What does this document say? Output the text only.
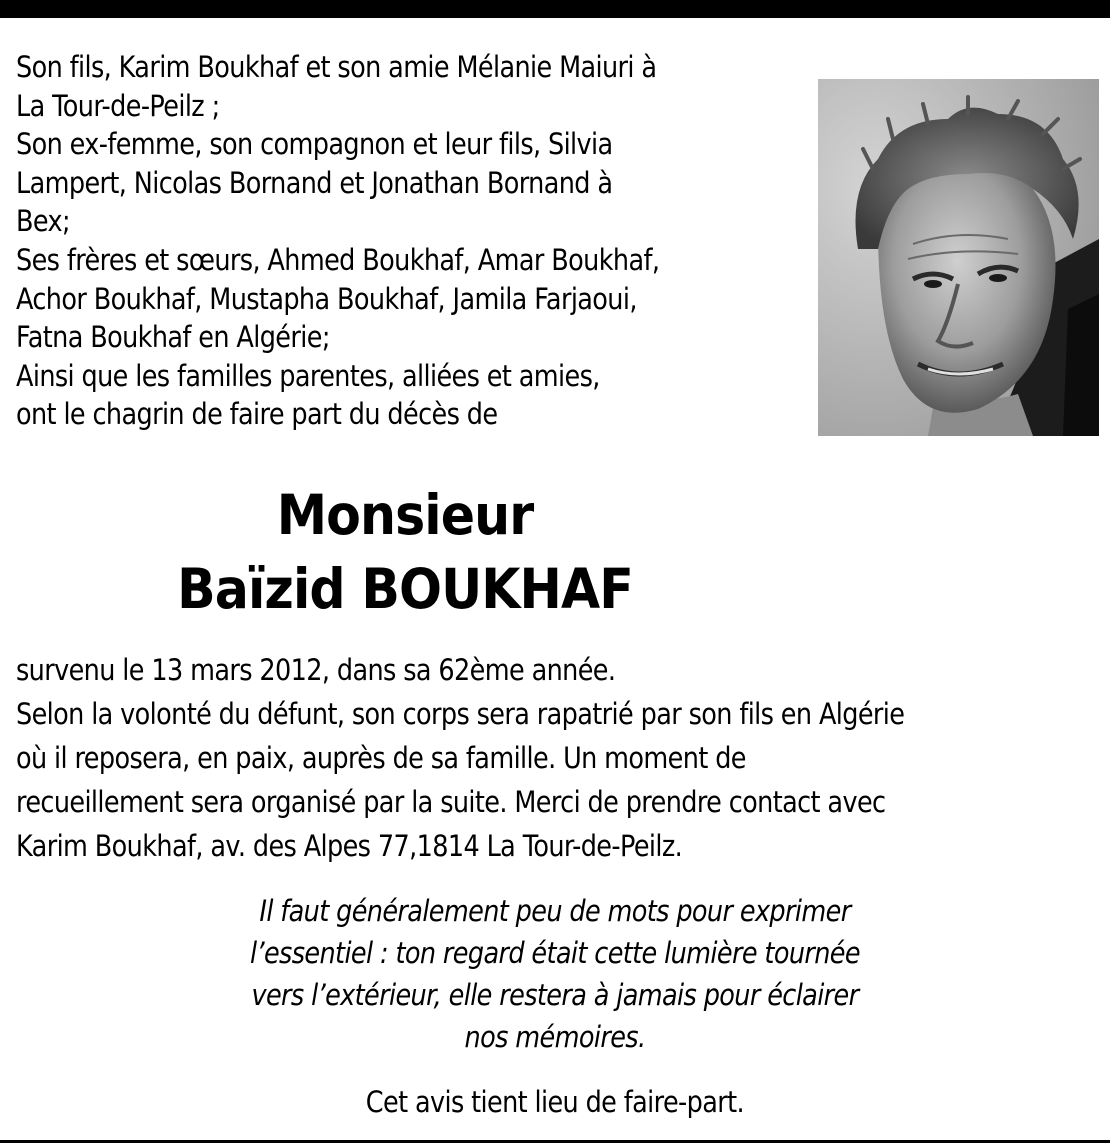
Son fils, Karim Boukhaf et son amie Mélanie Maiuri à
La Tour-de-Peilz ;
Son ex-femme, son compagnon et leur fils, Silvia
Lampert, Nicolas Bornand et Jonathan Bornand à
Bex;
Ses frères et sœurs, Ahmed Boukhaf, Amar Boukhaf,
Achor Boukhaf, Mustapha Boukhaf, Jamila Farjaoui,
Fatna Boukhaf en Algérie;
Ainsi que les familles parentes, alliées et amies,
ont le chagrin de faire part du décès de
Monsieur
Baïzid BOUKHAF
survenu le 13 mars 2012, dans sa 62ème année.
Selon la volonté du défunt, son corps sera rapatrié par son fils en Algérie
où il reposera, en paix, auprès de sa famille. Un moment de
recueillement sera organisé par la suite. Merci de prendre contact avec
Karim Boukhaf, av. des Alpes 77,1814 La Tour-de-Peilz.
Il faut généralement peu de mots pour exprimer
l’essentiel : ton regard était cette lumière tournée
vers l’extérieur, elle restera à jamais pour éclairer
nos mémoires.
Cet avis tient lieu de faire-part.
